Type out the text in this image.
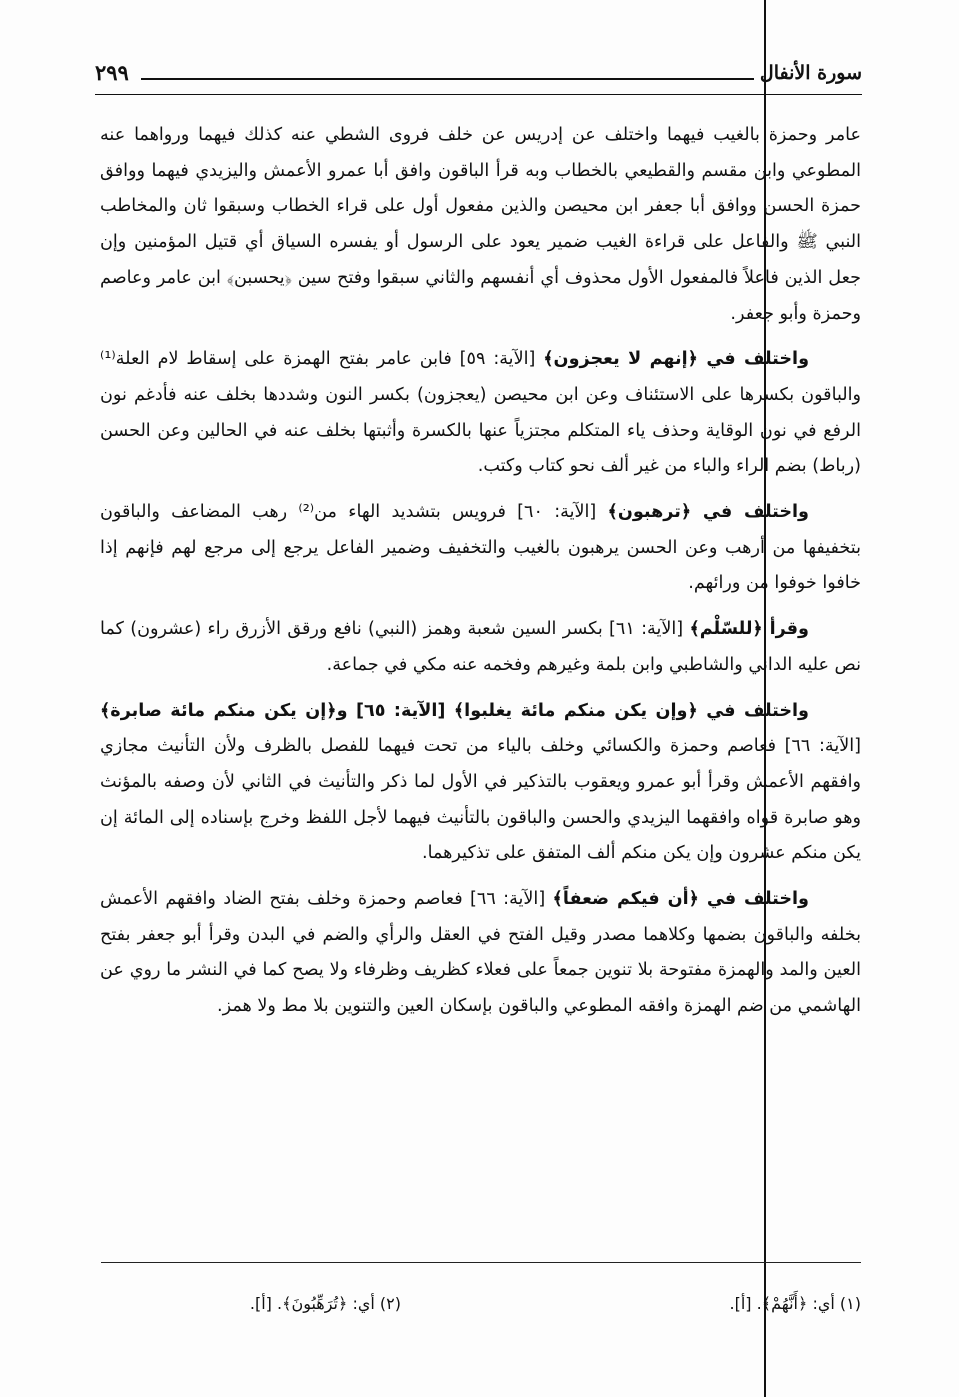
سورة الأنفال
٢٩٩

عامر وحمزة بالغيب فيهما واختلف عن إدريس عن خلف فروى الشطي عنه كذلك فيهما ورواهما عنه المطوعي وابن مقسم والقطيعي بالخطاب وبه قرأ الباقون وافق أبا عمرو الأعمش واليزيدي فيهما ووافق حمزة الحسن ووافق أبا جعفر ابن محيصن والذين مفعول أول على قراء الخطاب وسبقوا ثان والمخاطب النبي ﷺ والفاعل على قراءة الغيب ضمير يعود على الرسول أو يفسره السياق أي قتيل المؤمنين وإن جعل الذين فاعلاً فالمفعول الأول محذوف أي أنفسهم والثاني سبقوا وفتح سين ﴿يحسبن﴾ ابن عامر وعاصم وحمزة وأبو جعفر.

واختلف في ﴿إنهم لا يعجزون﴾ [الآية: ٥٩] فابن عامر بفتح الهمزة على إسقاط لام العلة⁽¹⁾ والباقون بكسرها على الاستئناف وعن ابن محيصن (يعجزون) بكسر النون وشددها بخلف عنه فأدغم نون الرفع في نون الوقاية وحذف ياء المتكلم مجتزياً عنها بالكسرة وأثبتها بخلف عنه في الحالين وعن الحسن (رباط) بضم الراء والباء من غير ألف نحو كتاب وكتب.

واختلف في ﴿ترهبون﴾ [الآية: ٦٠] فرويس بتشديد الهاء من⁽²⁾ رهب المضاعف والباقون بتخفيفها من أرهب وعن الحسن يرهبون بالغيب والتخفيف وضمير الفاعل يرجع إلى مرجع لهم فإنهم إذا خافوا خوفوا من ورائهم.

وقرأ ﴿للسّلْم﴾ [الآية: ٦١] بكسر السين شعبة وهمز (النبي) نافع ورقق الأزرق راء (عشرون) كما نص عليه الداني والشاطبي وابن بلمة وغيرهم وفخمه عنه مكي في جماعة.

واختلف في ﴿وإن يكن منكم مائة يغلبوا﴾ [الآية: ٦٥] و﴿إن يكن منكم مائة صابرة﴾ [الآية: ٦٦] فعاصم وحمزة والكسائي وخلف بالياء من تحت فيهما للفصل بالظرف ولأن التأنيث مجازي وافقهم الأعمش وقرأ أبو عمرو ويعقوب بالتذكير في الأول لما ذكر والتأنيث في الثاني لأن وصفه بالمؤنث وهو صابرة قواه وافقهما اليزيدي والحسن والباقون بالتأنيث فيهما لأجل اللفظ وخرج بإسناده إلى المائة إن يكن منكم عشرون وإن يكن منكم ألف المتفق على تذكيرهما.

واختلف في ﴿أن فيكم ضعفاً﴾ [الآية: ٦٦] فعاصم وحمزة وخلف بفتح الضاد وافقهم الأعمش بخلفه والباقون بضمها وكلاهما مصدر وقيل الفتح في العقل والرأي والضم في البدن وقرأ أبو جعفر بفتح العين والمد والهمزة مفتوحة بلا تنوين جمعاً على فعلاء كظريف وظرفاء ولا يصح كما في النشر ما روي عن الهاشمي من ضم الهمزة وافقه المطوعي والباقون بإسكان العين والتنوين بلا مط ولا همز.

(١) أي: ﴿أَنَّهُمْ﴾. [أ].
(٢) أي: ﴿تُرَهِّبُونَ﴾. [أ].
